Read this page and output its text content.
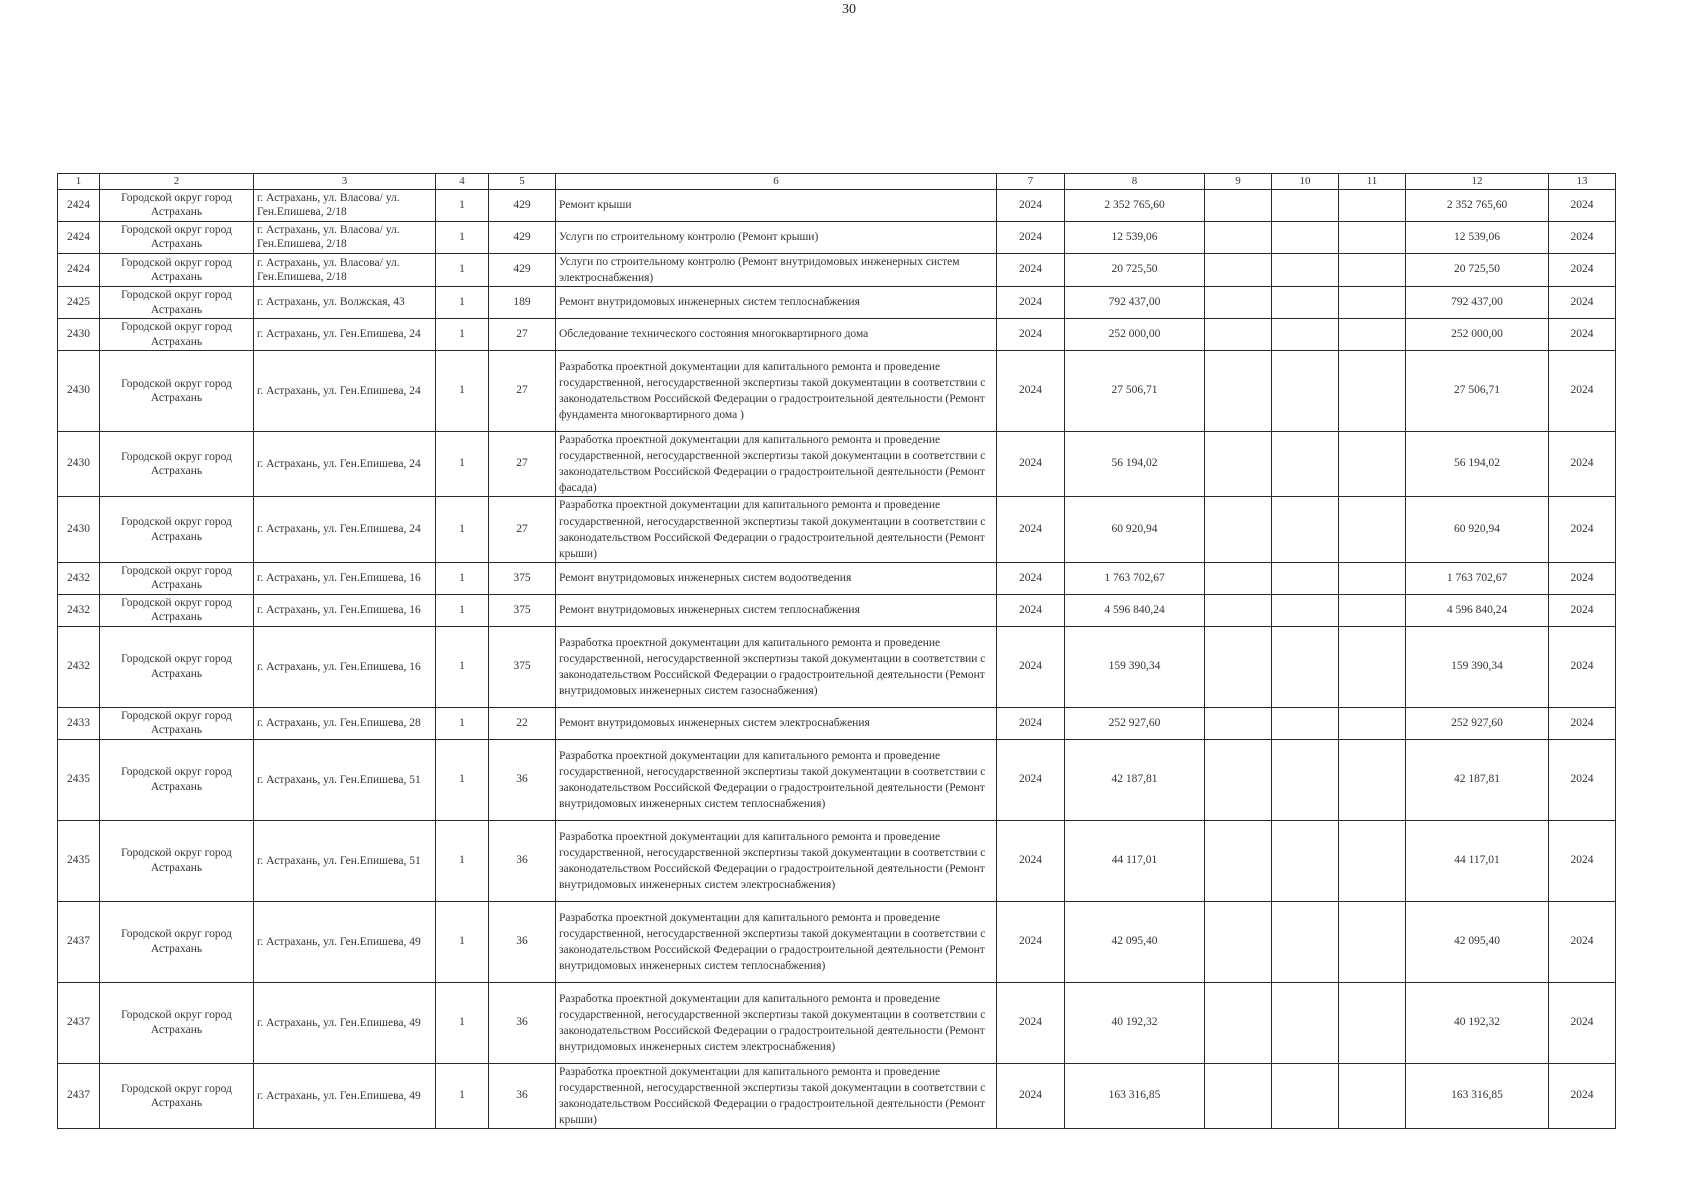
30
1	2	3	4	5	6	7	8	9	10	11	12	13
2424	Городской округ город Астрахань	г. Астрахань, ул. Власова/ ул. Ген.Епишева, 2/18	1	429	Ремонт крыши	2024	2 352 765,60				2 352 765,60	2024
2424	Городской округ город Астрахань	г. Астрахань, ул. Власова/ ул. Ген.Епишева, 2/18	1	429	Услуги по строительному контролю (Ремонт крыши)	2024	12 539,06				12 539,06	2024
2424	Городской округ город Астрахань	г. Астрахань, ул. Власова/ ул. Ген.Епишева, 2/18	1	429	Услуги по строительному контролю (Ремонт внутридомовых инженерных систем электроснабжения)	2024	20 725,50				20 725,50	2024
2425	Городской округ город Астрахань	г. Астрахань, ул. Волжская, 43	1	189	Ремонт внутридомовых инженерных систем теплоснабжения	2024	792 437,00				792 437,00	2024
2430	Городской округ город Астрахань	г. Астрахань, ул. Ген.Епишева, 24	1	27	Обследование технического состояния многоквартирного дома	2024	252 000,00				252 000,00	2024
2430	Городской округ город Астрахань	г. Астрахань, ул. Ген.Епишева, 24	1	27	Разработка проектной документации для капитального ремонта и проведение государственной, негосударственной экспертизы такой документации в соответствии с законодательством Российской Федерации о градостроительной деятельности (Ремонт фундамента многоквартирного дома )	2024	27 506,71				27 506,71	2024
2430	Городской округ город Астрахань	г. Астрахань, ул. Ген.Епишева, 24	1	27	Разработка проектной документации для капитального ремонта и проведение государственной, негосударственной экспертизы такой документации в соответствии с законодательством Российской Федерации о градостроительной деятельности (Ремонт фасада)	2024	56 194,02				56 194,02	2024
2430	Городской округ город Астрахань	г. Астрахань, ул. Ген.Епишева, 24	1	27	Разработка проектной документации для капитального ремонта и проведение государственной, негосударственной экспертизы такой документации в соответствии с законодательством Российской Федерации о градостроительной деятельности (Ремонт крыши)	2024	60 920,94				60 920,94	2024
2432	Городской округ город Астрахань	г. Астрахань, ул. Ген.Епишева, 16	1	375	Ремонт внутридомовых инженерных систем водоотведения	2024	1 763 702,67				1 763 702,67	2024
2432	Городской округ город Астрахань	г. Астрахань, ул. Ген.Епишева, 16	1	375	Ремонт внутридомовых инженерных систем теплоснабжения	2024	4 596 840,24				4 596 840,24	2024
2432	Городской округ город Астрахань	г. Астрахань, ул. Ген.Епишева, 16	1	375	Разработка проектной документации для капитального ремонта и проведение государственной, негосударственной экспертизы такой документации в соответствии с законодательством Российской Федерации о градостроительной деятельности (Ремонт внутридомовых инженерных систем газоснабжения)	2024	159 390,34				159 390,34	2024
2433	Городской округ город Астрахань	г. Астрахань, ул. Ген.Епишева, 28	1	22	Ремонт внутридомовых инженерных систем электроснабжения	2024	252 927,60				252 927,60	2024
2435	Городской округ город Астрахань	г. Астрахань, ул. Ген.Епишева, 51	1	36	Разработка проектной документации для капитального ремонта и проведение государственной, негосударственной экспертизы такой документации в соответствии с законодательством Российской Федерации о градостроительной деятельности (Ремонт внутридомовых инженерных систем теплоснабжения)	2024	42 187,81				42 187,81	2024
2435	Городской округ город Астрахань	г. Астрахань, ул. Ген.Епишева, 51	1	36	Разработка проектной документации для капитального ремонта и проведение государственной, негосударственной экспертизы такой документации в соответствии с законодательством Российской Федерации о градостроительной деятельности (Ремонт внутридомовых инженерных систем электроснабжения)	2024	44 117,01				44 117,01	2024
2437	Городской округ город Астрахань	г. Астрахань, ул. Ген.Епишева, 49	1	36	Разработка проектной документации для капитального ремонта и проведение государственной, негосударственной экспертизы такой документации в соответствии с законодательством Российской Федерации о градостроительной деятельности (Ремонт внутридомовых инженерных систем теплоснабжения)	2024	42 095,40				42 095,40	2024
2437	Городской округ город Астрахань	г. Астрахань, ул. Ген.Епишева, 49	1	36	Разработка проектной документации для капитального ремонта и проведение государственной, негосударственной экспертизы такой документации в соответствии с законодательством Российской Федерации о градостроительной деятельности (Ремонт внутридомовых инженерных систем электроснабжения)	2024	40 192,32				40 192,32	2024
2437	Городской округ город Астрахань	г. Астрахань, ул. Ген.Епишева, 49	1	36	Разработка проектной документации для капитального ремонта и проведение государственной, негосударственной экспертизы такой документации в соответствии с законодательством Российской Федерации о градостроительной деятельности (Ремонт крыши)	2024	163 316,85				163 316,85	2024
